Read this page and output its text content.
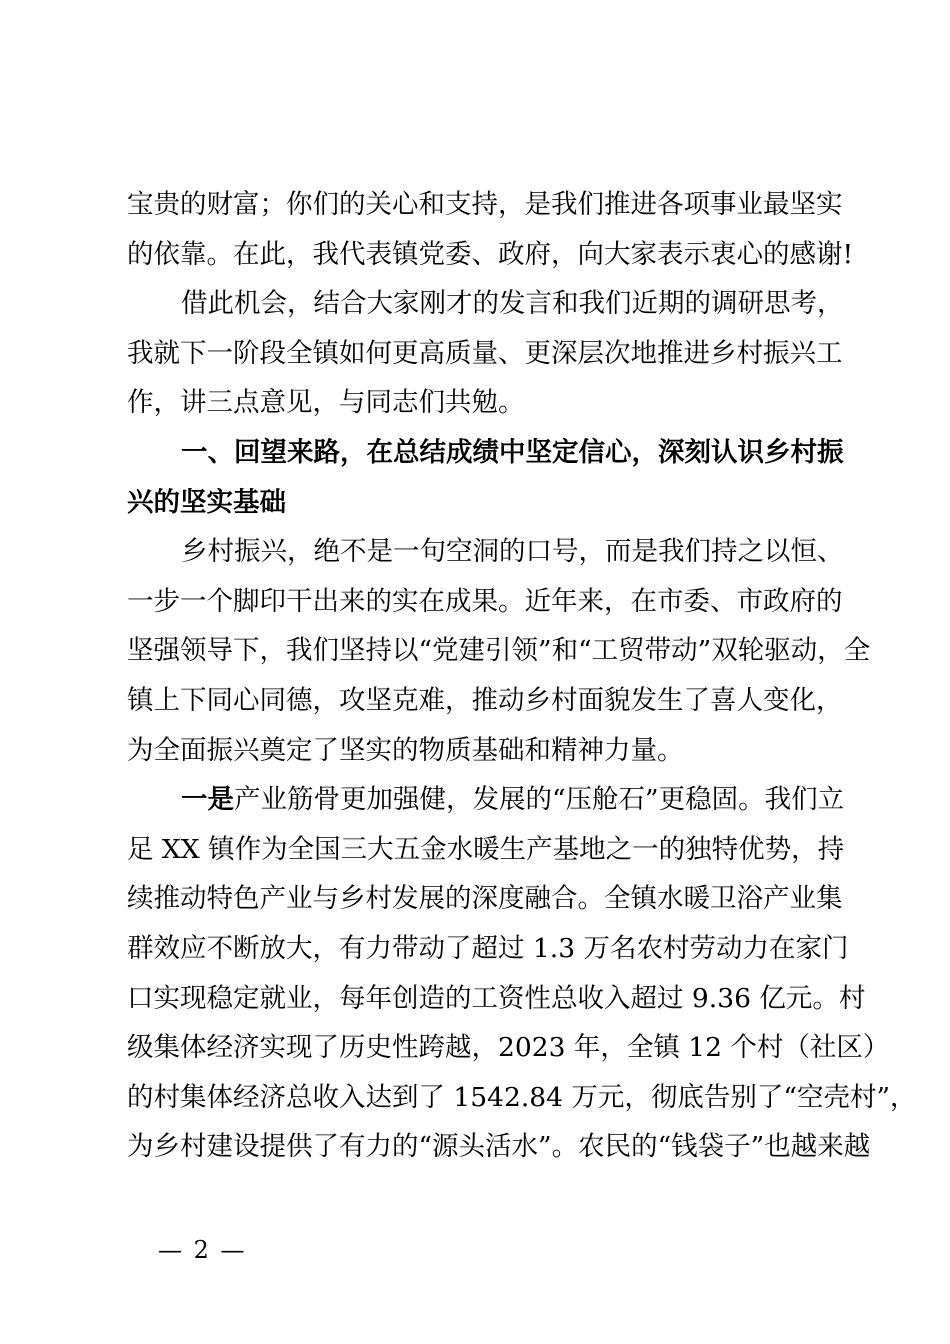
宝贵的财富；你们的关心和支持，是我们推进各项事业最坚实
的依靠。在此，我代表镇党委、政府，向大家表示衷心的感谢!
借此机会，结合大家刚才的发言和我们近期的调研思考，
我就下一阶段全镇如何更高质量、更深层次地推进乡村振兴工
作，讲三点意见，与同志们共勉。
一、回望来路，在总结成绩中坚定信心，深刻认识乡村振
兴的坚实基础
乡村振兴，绝不是一句空洞的口号，而是我们持之以恒、
一步一个脚印干出来的实在成果。近年来，在市委、市政府的
坚强领导下，我们坚持以“党建引领”和“工贸带动”双轮驱动，全
镇上下同心同德，攻坚克难，推动乡村面貌发生了喜人变化，
为全面振兴奠定了坚实的物质基础和精神力量。
一是产业筋骨更加强健，发展的“压舱石”更稳固。我们立
足 XX 镇作为全国三大五金水暖生产基地之一的独特优势，持
续推动特色产业与乡村发展的深度融合。全镇水暖卫浴产业集
群效应不断放大，有力带动了超过 1.3 万名农村劳动力在家门
口实现稳定就业，每年创造的工资性总收入超过 9.36 亿元。村
级集体经济实现了历史性跨越，2023 年，全镇 12 个村（社区）
的村集体经济总收入达到了 1542.84 万元，彻底告别了“空壳村”，
为乡村建设提供了有力的“源头活水”。农民的“钱袋子”也越来越
— 2 —
